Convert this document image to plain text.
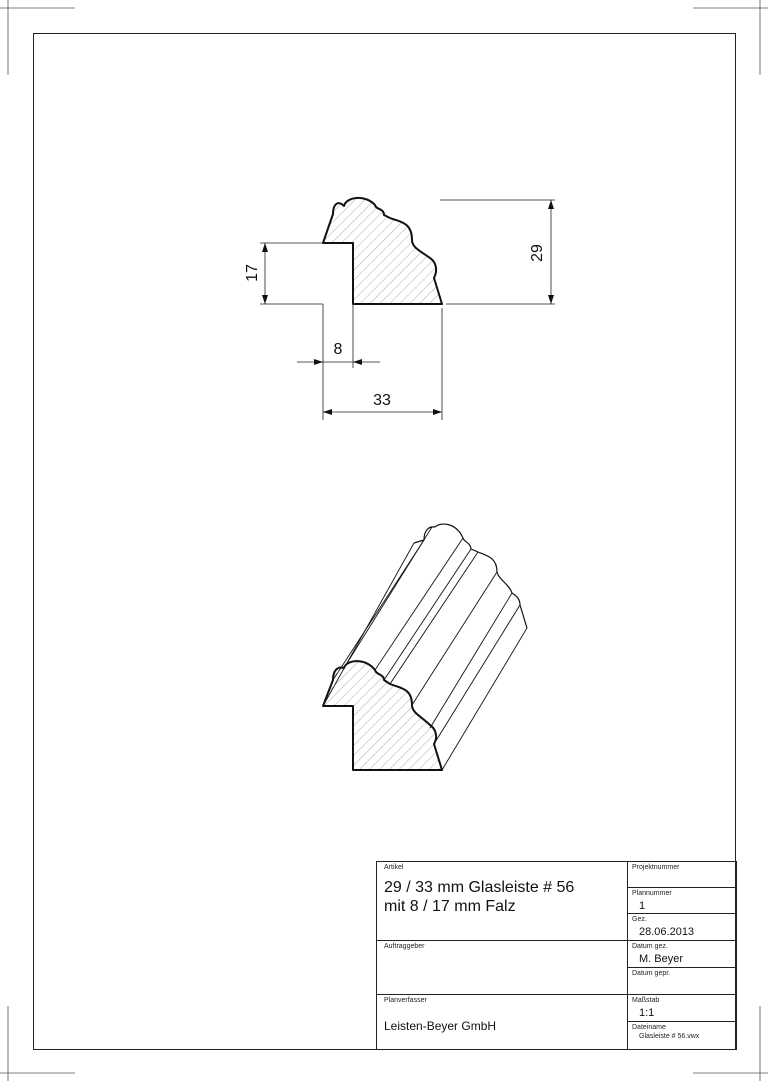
29
17
8
33
Artikel
29 / 33 mm Glasleiste # 56
mit 8 / 17 mm Falz
Auftraggeber
Planverfasser
Leisten-Beyer GmbH
Projektnummer
Plannummer
1
Gez.
28.06.2013
Datum gez.
M. Beyer
Datum gepr.
Maßstab
1:1
Dateiname
Glasleiste # 56.vwx
